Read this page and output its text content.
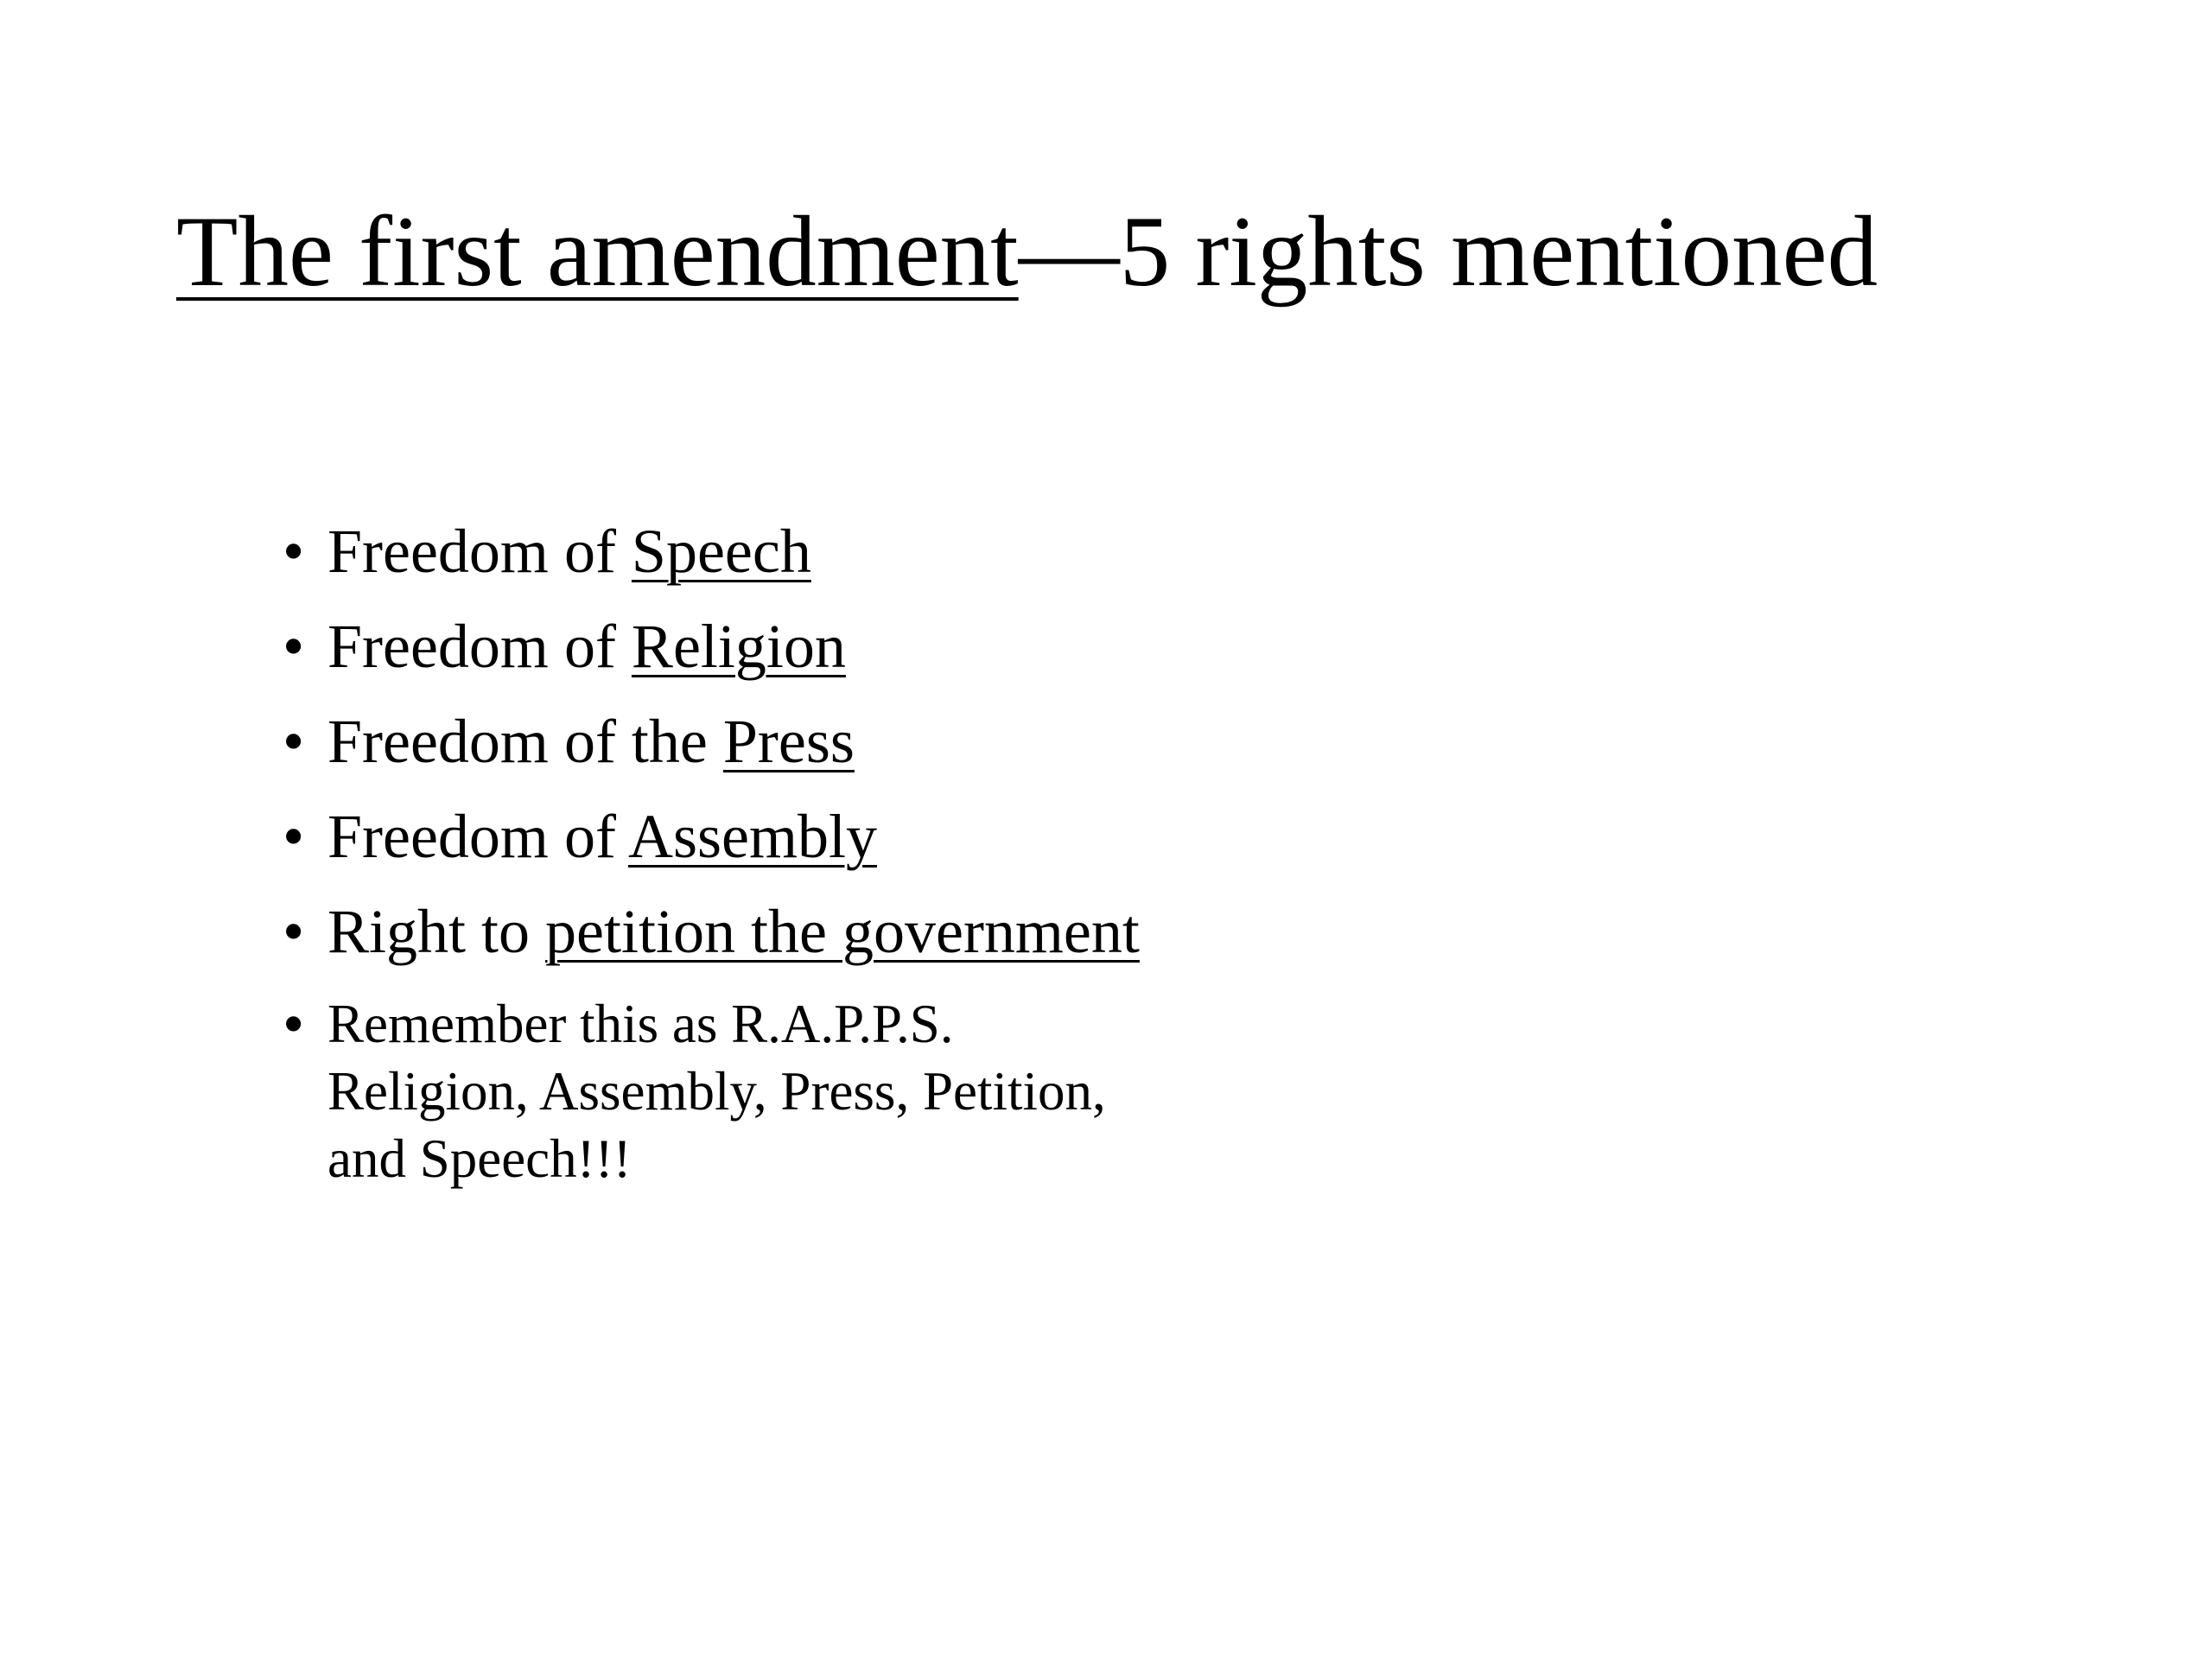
The first amendment—5 rights mentioned
• Freedom of Speech
• Freedom of Religion
• Freedom of the Press
• Freedom of Assembly
• Right to petition the government
• Remember this as R.A.P.P.S.
Religion, Assembly, Press, Petition,
and Speech!!!
